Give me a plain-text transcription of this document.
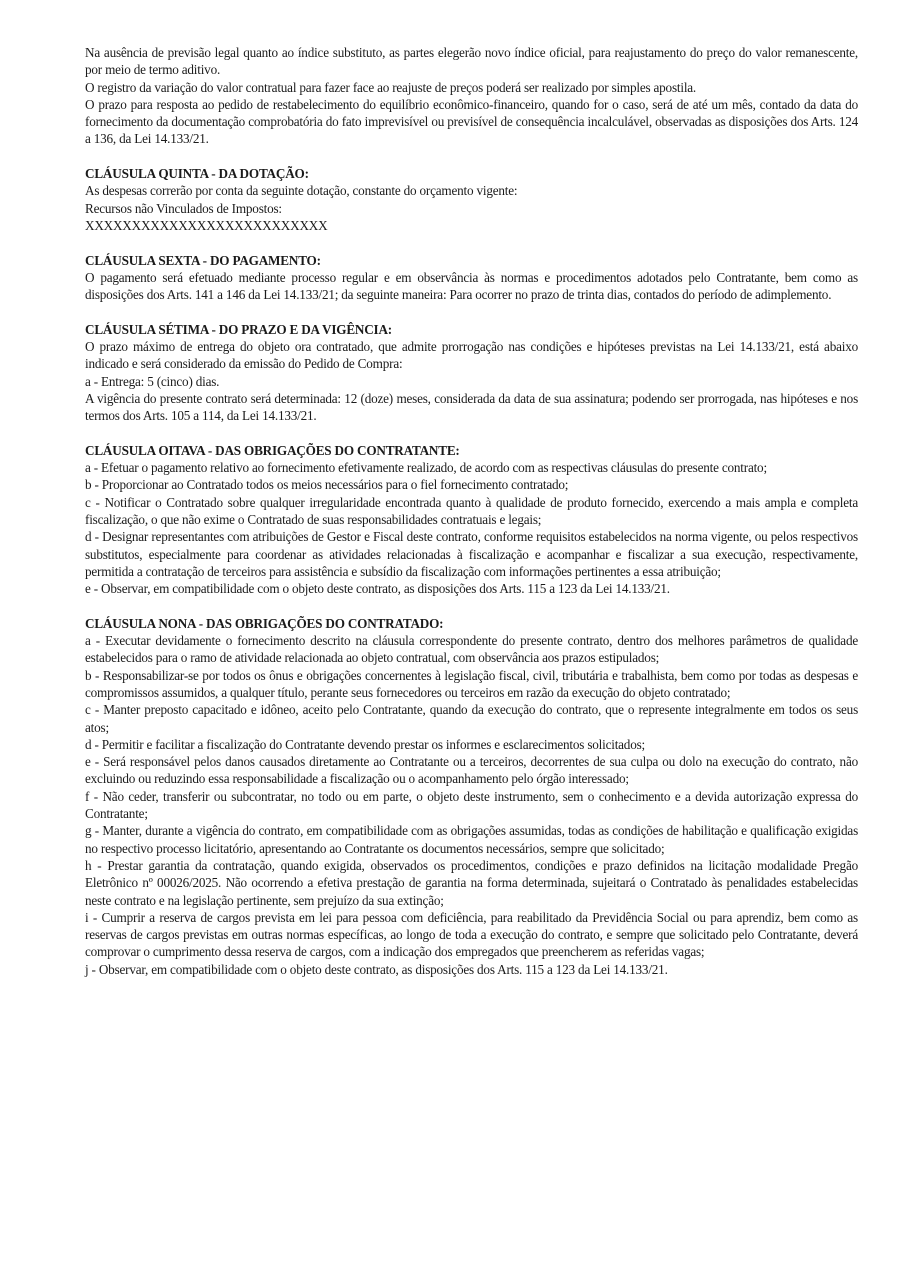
Na ausência de previsão legal quanto ao índice substituto, as partes elegerão novo índice oficial, para reajustamento do preço do valor remanescente, por meio de termo aditivo.

O registro da variação do valor contratual para fazer face ao reajuste de preços poderá ser realizado por simples apostila.

O prazo para resposta ao pedido de restabelecimento do equilíbrio econômico-financeiro, quando for o caso, será de até um mês, contado da data do fornecimento da documentação comprobatória do fato imprevisível ou previsível de consequência incalculável, observadas as disposições dos Arts. 124 a 136, da Lei 14.133/21.

CLÁUSULA QUINTA - DA DOTAÇÃO:

As despesas correrão por conta da seguinte dotação, constante do orçamento vigente:

Recursos não Vinculados de Impostos:

XXXXXXXXXXXXXXXXXXXXXXXXXX

CLÁUSULA SEXTA - DO PAGAMENTO:

O pagamento será efetuado mediante processo regular e em observância às normas e procedimentos adotados pelo Contratante, bem como as disposições dos Arts. 141 a 146 da Lei 14.133/21; da seguinte maneira: Para ocorrer no prazo de trinta dias, contados do período de adimplemento.

CLÁUSULA SÉTIMA - DO PRAZO E DA VIGÊNCIA:

O prazo máximo de entrega do objeto ora contratado, que admite prorrogação nas condições e hipóteses previstas na Lei 14.133/21, está abaixo indicado e será considerado da emissão do Pedido de Compra:

a - Entrega: 5 (cinco) dias.

A vigência do presente contrato será determinada: 12 (doze) meses, considerada da data de sua assinatura; podendo ser prorrogada, nas hipóteses e nos termos dos Arts. 105 a 114, da Lei 14.133/21.

CLÁUSULA OITAVA - DAS OBRIGAÇÕES DO CONTRATANTE:

a - Efetuar o pagamento relativo ao fornecimento efetivamente realizado, de acordo com as respectivas cláusulas do presente contrato;

b - Proporcionar ao Contratado todos os meios necessários para o fiel fornecimento contratado;

c - Notificar o Contratado sobre qualquer irregularidade encontrada quanto à qualidade de produto fornecido, exercendo a mais ampla e completa fiscalização, o que não exime o Contratado de suas responsabilidades contratuais e legais;

d - Designar representantes com atribuições de Gestor e Fiscal deste contrato, conforme requisitos estabelecidos na norma vigente, ou pelos respectivos substitutos, especialmente para coordenar as atividades relacionadas à fiscalização e acompanhar e fiscalizar a sua execução, respectivamente, permitida a contratação de terceiros para assistência e subsídio da fiscalização com informações pertinentes a essa atribuição;

e - Observar, em compatibilidade com o objeto deste contrato, as disposições dos Arts. 115 a 123 da Lei 14.133/21.

CLÁUSULA NONA - DAS OBRIGAÇÕES DO CONTRATADO:

a - Executar devidamente o fornecimento descrito na cláusula correspondente do presente contrato, dentro dos melhores parâmetros de qualidade estabelecidos para o ramo de atividade relacionada ao objeto contratual, com observância aos prazos estipulados;

b - Responsabilizar-se por todos os ônus e obrigações concernentes à legislação fiscal, civil, tributária e trabalhista, bem como por todas as despesas e compromissos assumidos, a qualquer título, perante seus fornecedores ou terceiros em razão da execução do objeto contratado;

c - Manter preposto capacitado e idôneo, aceito pelo Contratante, quando da execução do contrato, que o represente integralmente em todos os seus atos;

d - Permitir e facilitar a fiscalização do Contratante devendo prestar os informes e esclarecimentos solicitados;

e - Será responsável pelos danos causados diretamente ao Contratante ou a terceiros, decorrentes de sua culpa ou dolo na execução do contrato, não excluindo ou reduzindo essa responsabilidade a fiscalização ou o acompanhamento pelo órgão interessado;

f - Não ceder, transferir ou subcontratar, no todo ou em parte, o objeto deste instrumento, sem o conhecimento e a devida autorização expressa do Contratante;

g - Manter, durante a vigência do contrato, em compatibilidade com as obrigações assumidas, todas as condições de habilitação e qualificação exigidas no respectivo processo licitatório, apresentando ao Contratante os documentos necessários, sempre que solicitado;

h - Prestar garantia da contratação, quando exigida, observados os procedimentos, condições e prazo definidos na licitação modalidade Pregão Eletrônico nº 00026/2025. Não ocorrendo a efetiva prestação de garantia na forma determinada, sujeitará o Contratado às penalidades estabelecidas neste contrato e na legislação pertinente, sem prejuízo da sua extinção;

i - Cumprir a reserva de cargos prevista em lei para pessoa com deficiência, para reabilitado da Previdência Social ou para aprendiz, bem como as reservas de cargos previstas em outras normas específicas, ao longo de toda a execução do contrato, e sempre que solicitado pelo Contratante, deverá comprovar o cumprimento dessa reserva de cargos, com a indicação dos empregados que preencherem as referidas vagas;

j - Observar, em compatibilidade com o objeto deste contrato, as disposições dos Arts. 115 a 123 da Lei 14.133/21.
